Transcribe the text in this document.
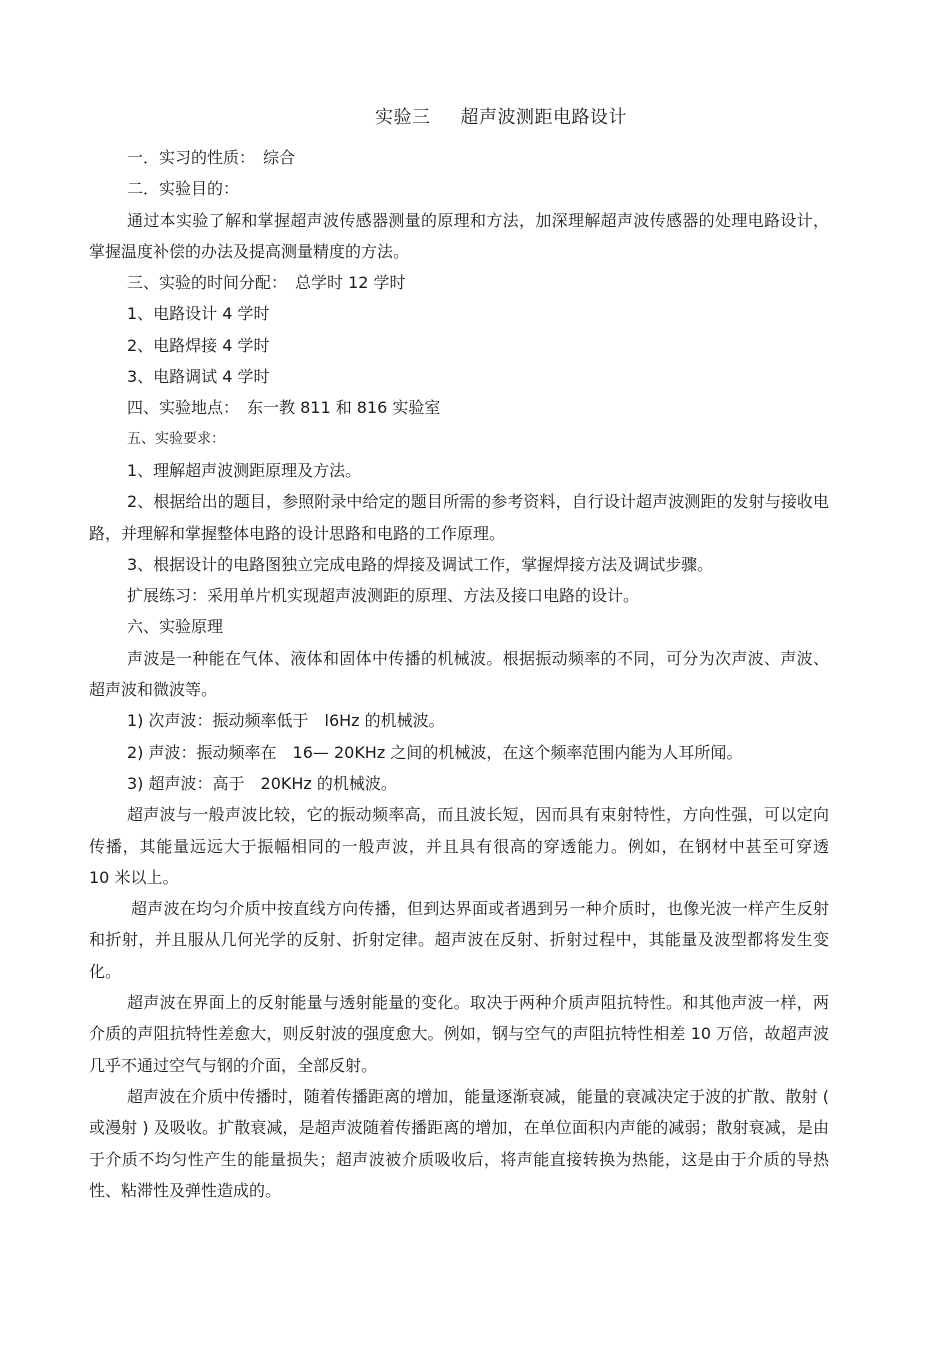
实验三 超声波测距电路设计

一．实习的性质：　综合

二．实验目的：

通过本实验了解和掌握超声波传感器测量的原理和方法，加深理解超声波传感器的处理电路设计，掌握温度补偿的办法及提高测量精度的方法。

三、实验的时间分配：　总学时 12 学时

1、电路设计 4 学时

2、电路焊接 4 学时

3、电路调试 4 学时

四、实验地点：　东一教 811 和 816 实验室

五、实验要求：

1、理解超声波测距原理及方法。

2、根据给出的题目，参照附录中给定的题目所需的参考资料，自行设计超声波测距的发射与接收电路，并理解和掌握整体电路的设计思路和电路的工作原理。

3、根据设计的电路图独立完成电路的焊接及调试工作，掌握焊接方法及调试步骤。

扩展练习：采用单片机实现超声波测距的原理、方法及接口电路的设计。

六、实验原理

声波是一种能在气体、液体和固体中传播的机械波。根据振动频率的不同，可分为次声波、声波、超声波和微波等。

1) 次声波：振动频率低于　l6Hz 的机械波。

2) 声波：振动频率在　16— 20KHz 之间的机械波，在这个频率范围内能为人耳所闻。

3) 超声波：高于　20KHz 的机械波。

超声波与一般声波比较，它的振动频率高，而且波长短，因而具有束射特性，方向性强，可以定向传播，其能量远远大于振幅相同的一般声波，并且具有很高的穿透能力。例如，在钢材中甚至可穿透　10 米以上。

超声波在均匀介质中按直线方向传播，但到达界面或者遇到另一种介质时，也像光波一样产生反射和折射，并且服从几何光学的反射、折射定律。超声波在反射、折射过程中，其能量及波型都将发生变化。

超声波在界面上的反射能量与透射能量的变化。取决于两种介质声阻抗特性。和其他声波一样，两介质的声阻抗特性差愈大，则反射波的强度愈大。例如，钢与空气的声阻抗特性相差 10 万倍，故超声波几乎不通过空气与钢的介面，全部反射。

超声波在介质中传播时，随着传播距离的增加，能量逐渐衰减，能量的衰减决定于波的扩散、散射 ( 或漫射 ) 及吸收。扩散衰减，是超声波随着传播距离的增加，在单位面积内声能的减弱；散射衰减，是由于介质不均匀性产生的能量损失；超声波被介质吸收后，将声能直接转换为热能，这是由于介质的导热性、粘滞性及弹性造成的。
